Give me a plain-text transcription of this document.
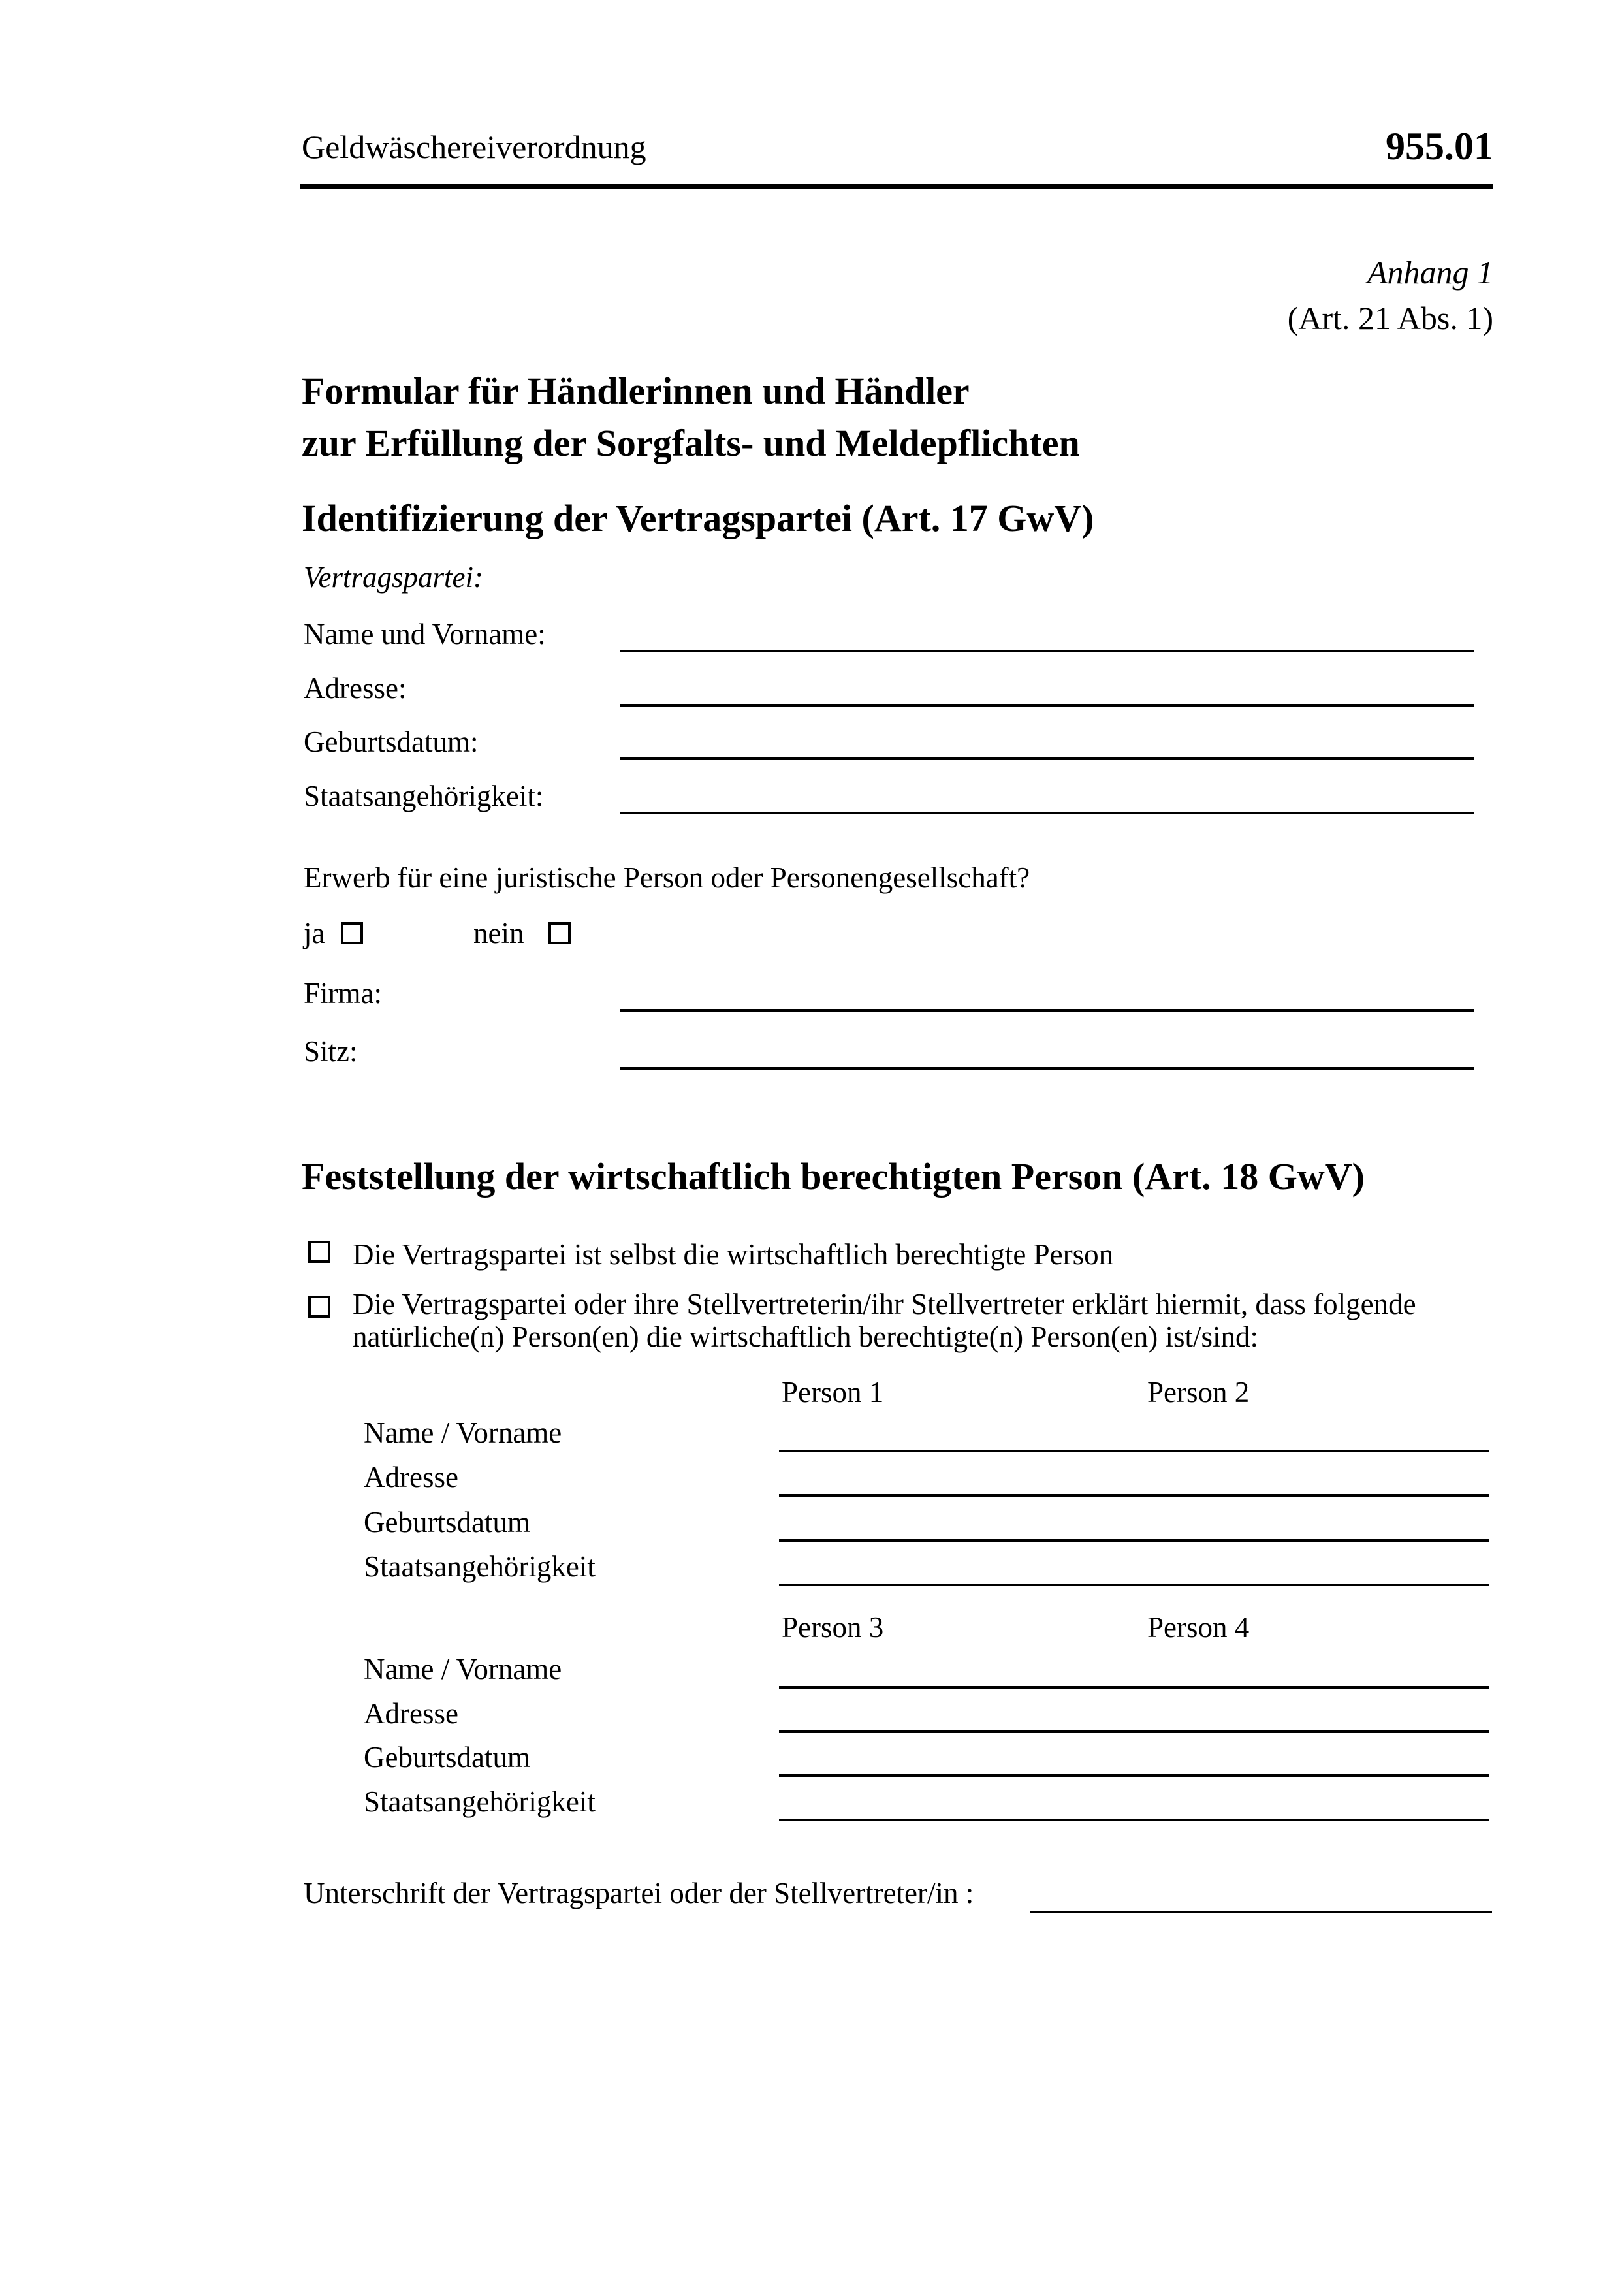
Geldwäschereiverordnung	955.01
Anhang 1
(Art. 21 Abs. 1)
Formular für Händlerinnen und Händler
zur Erfüllung der Sorgfalts- und Meldepflichten
Identifizierung der Vertragspartei (Art. 17 GwV)
Vertragspartei:
Name und Vorname:
Adresse:
Geburtsdatum:
Staatsangehörigkeit:
Erwerb für eine juristische Person oder Personengesellschaft?
ja	nein
Firma:
Sitz:
Feststellung der wirtschaftlich berechtigten Person (Art. 18 GwV)
Die Vertragspartei ist selbst die wirtschaftlich berechtigte Person
Die Vertragspartei oder ihre Stellvertreterin/ihr Stellvertreter erklärt hiermit, dass folgende
natürliche(n) Person(en) die wirtschaftlich berechtigte(n) Person(en) ist/sind:
Person 1	Person 2
Name / Vorname
Adresse
Geburtsdatum
Staatsangehörigkeit
Person 3	Person 4
Name / Vorname
Adresse
Geburtsdatum
Staatsangehörigkeit
Unterschrift der Vertragspartei oder der Stellvertreter/in :
